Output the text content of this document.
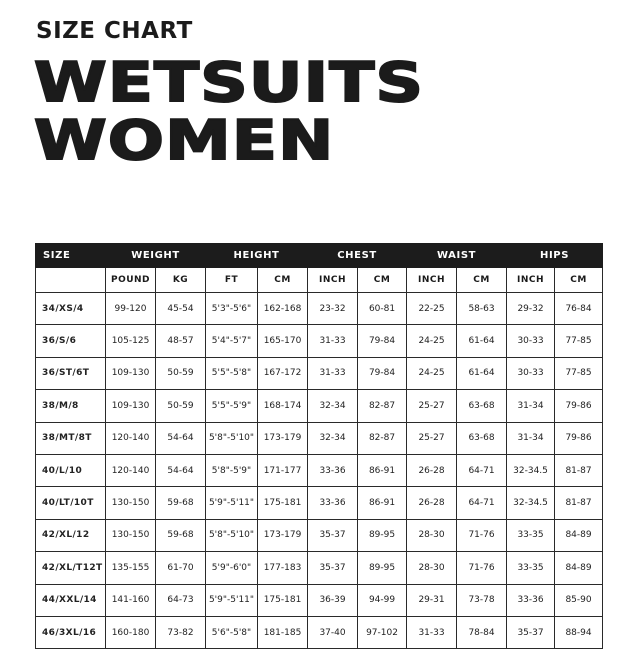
SIZE CHART
WETSUITS
WOMEN
SIZE	WEIGHT		HEIGHT		CHEST		WAIST		HIPS	
	POUND	KG	FT	CM	INCH	CM	INCH	CM	INCH	CM
34/XS/4	99-120	45-54	5'3"-5'6"	162-168	23-32	60-81	22-25	58-63	29-32	76-84
36/S/6	105-125	48-57	5'4"-5'7"	165-170	31-33	79-84	24-25	61-64	30-33	77-85
36/ST/6T	109-130	50-59	5'5"-5'8"	167-172	31-33	79-84	24-25	61-64	30-33	77-85
38/M/8	109-130	50-59	5'5"-5'9"	168-174	32-34	82-87	25-27	63-68	31-34	79-86
38/MT/8T	120-140	54-64	5'8"-5'10"	173-179	32-34	82-87	25-27	63-68	31-34	79-86
40/L/10	120-140	54-64	5'8"-5'9"	171-177	33-36	86-91	26-28	64-71	32-34.5	81-87
40/LT/10T	130-150	59-68	5'9"-5'11"	175-181	33-36	86-91	26-28	64-71	32-34.5	81-87
42/XL/12	130-150	59-68	5'8"-5'10"	173-179	35-37	89-95	28-30	71-76	33-35	84-89
42/XL/T12T	135-155	61-70	5'9"-6'0"	177-183	35-37	89-95	28-30	71-76	33-35	84-89
44/XXL/14	141-160	64-73	5'9"-5'11"	175-181	36-39	94-99	29-31	73-78	33-36	85-90
46/3XL/16	160-180	73-82	5'6"-5'8"	181-185	37-40	97-102	31-33	78-84	35-37	88-94
